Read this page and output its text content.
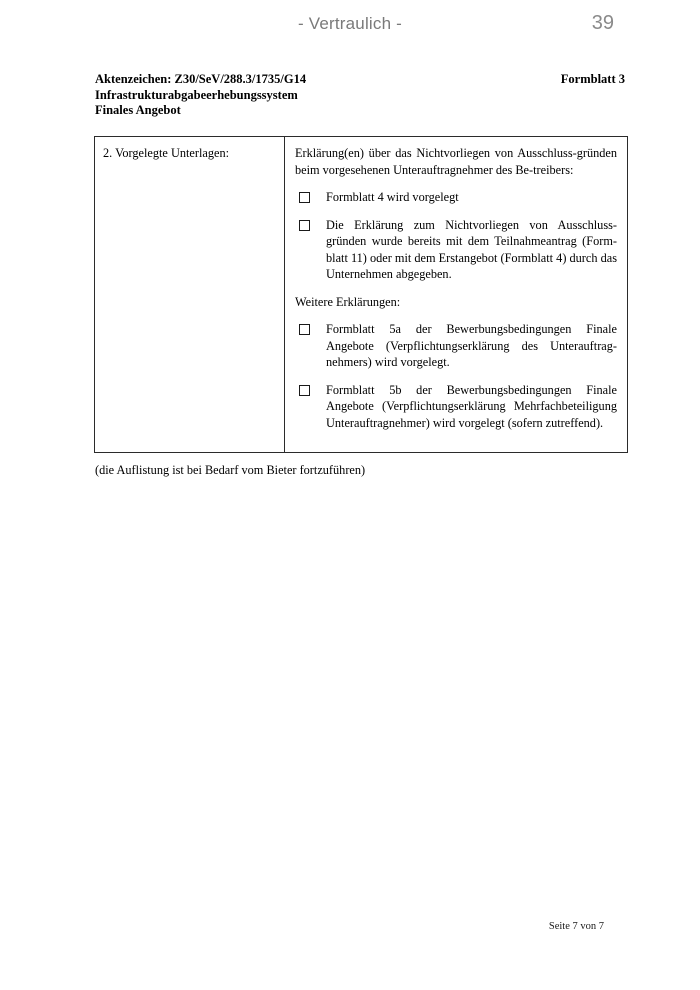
- Vertraulich -	39
Aktenzeichen: Z30/SeV/288.3/1735/G14	Formblatt 3
Infrastrukturabgabeerhebungssystem
Finales Angebot
2. Vorgelegte Unterlagen:	Erklärung(en) über das Nichtvorliegen von Ausschluss-gründen beim vorgesehenen Unterauftragnehmer des Be-treibers:

Formblatt 4 wird vorgelegt
Die Erklärung zum Nichtvorliegen von Ausschluss-gründen wurde bereits mit dem Teilnahmeantrag (Form-blatt 11) oder mit dem Erstangebot (Formblatt 4) durch das Unternehmen abgegeben.

Weitere Erklärungen:

Formblatt 5a der Bewerbungsbedingungen Finale Angebote (Verpflichtungserklärung des Unterauftrag-nehmers) wird vorgelegt.
Formblatt 5b der Bewerbungsbedingungen Finale Angebote (Verpflichtungserklärung Mehrfachbeteiligung Unterauftragnehmer) wird vorgelegt (sofern zutreffend).
(die Auflistung ist bei Bedarf vom Bieter fortzuführen)
Seite 7 von 7
